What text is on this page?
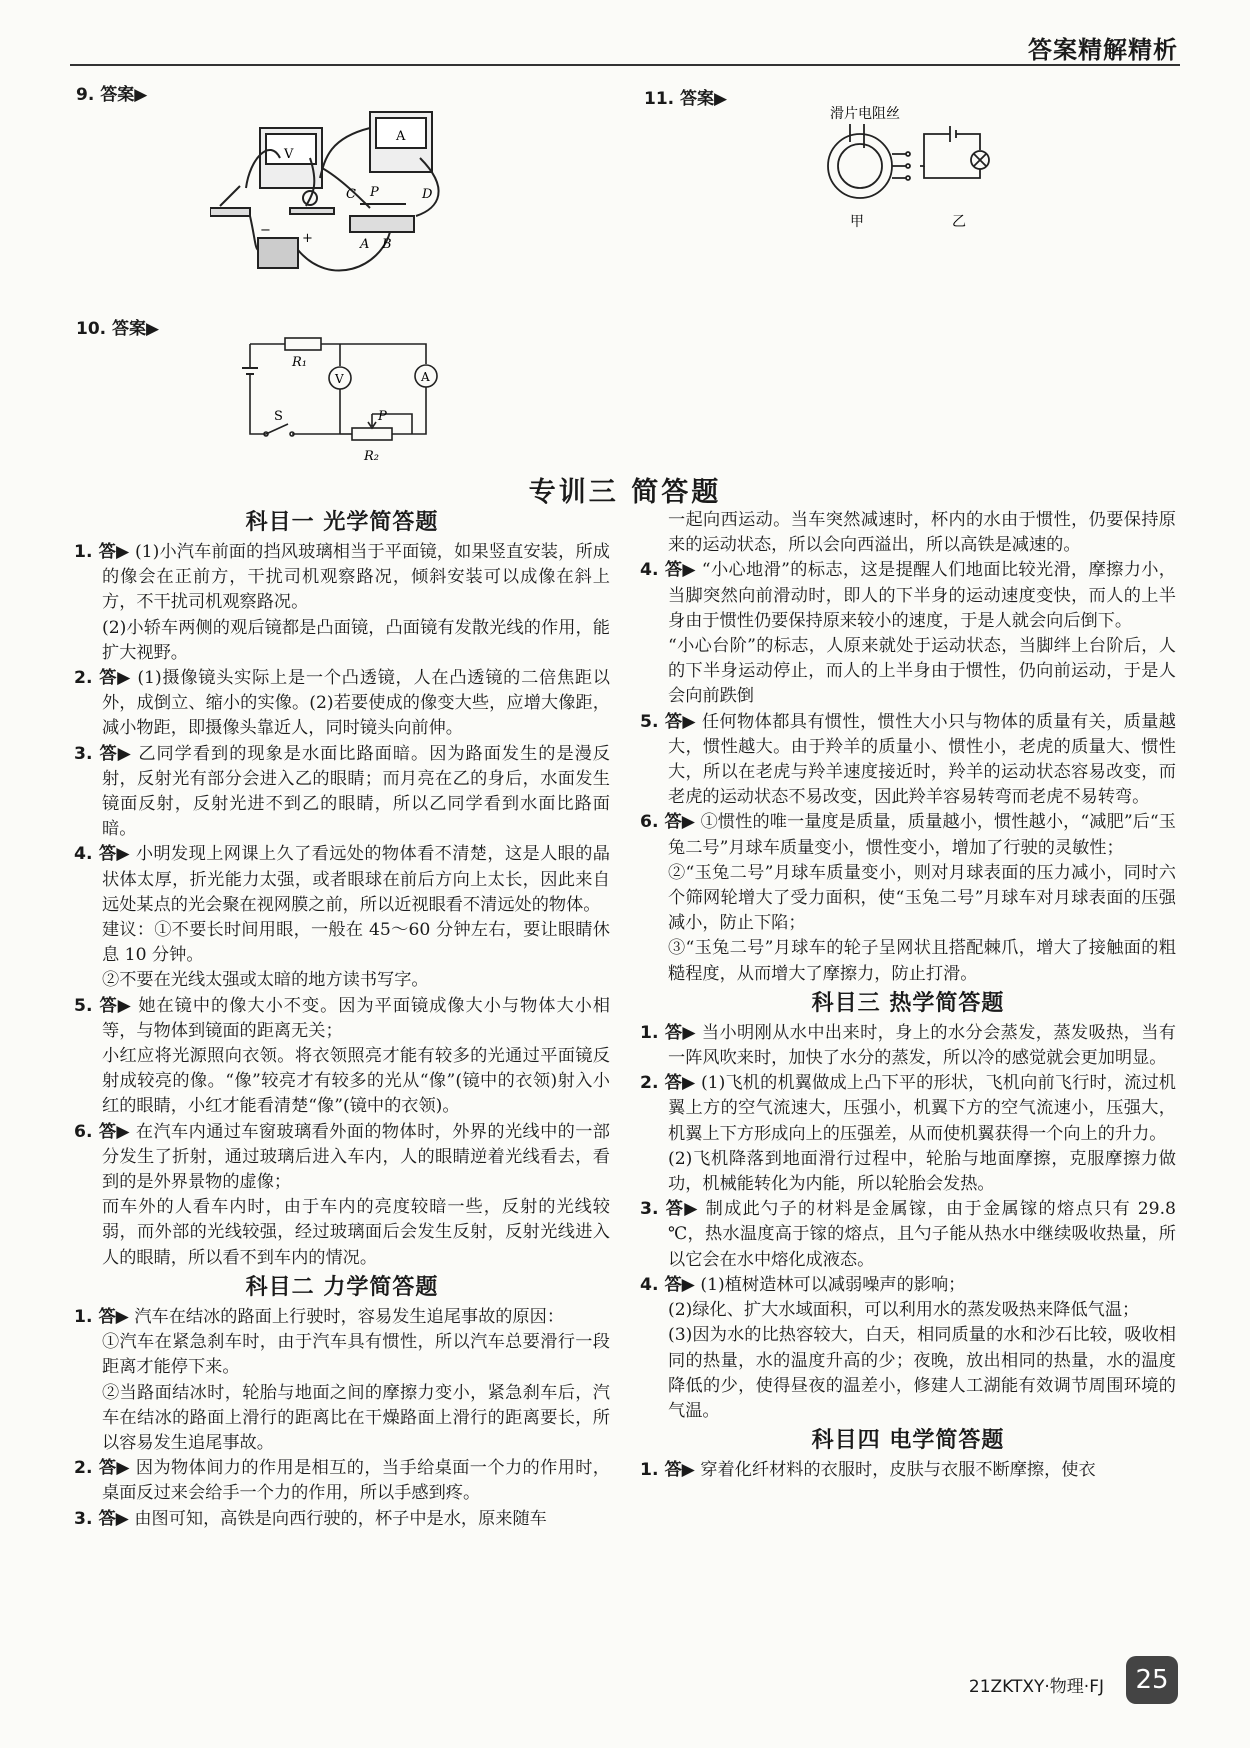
答案精解精析
9. 答案▶
10. 答案▶
11. 答案▶
V
A
C P	D
A B
−
+
R₁
V	A
S	P
R₂
滑片电阻丝
甲	乙
专训三 简答题
科目一 光学简答题

1. 答▶ (1)小汽车前面的挡风玻璃相当于平面镜，如果竖直安装，所成的像会在正前方，干扰司机观察路况，倾斜安装可以成像在斜上方，不干扰司机观察路况。

(2)小轿车两侧的观后镜都是凸面镜，凸面镜有发散光线的作用，能扩大视野。

2. 答▶ (1)摄像镜头实际上是一个凸透镜，人在凸透镜的二倍焦距以外，成倒立、缩小的实像。(2)若要使成的像变大些，应增大像距，减小物距，即摄像头靠近人，同时镜头向前伸。

3. 答▶ 乙同学看到的现象是水面比路面暗。因为路面发生的是漫反射，反射光有部分会进入乙的眼睛；而月亮在乙的身后，水面发生镜面反射，反射光进不到乙的眼睛，所以乙同学看到水面比路面暗。

4. 答▶ 小明发现上网课上久了看远处的物体看不清楚，这是人眼的晶状体太厚，折光能力太强，或者眼球在前后方向上太长，因此来自远处某点的光会聚在视网膜之前，所以近视眼看不清远处的物体。

建议：①不要长时间用眼，一般在 45～60 分钟左右，要让眼睛休息 10 分钟。

②不要在光线太强或太暗的地方读书写字。

5. 答▶ 她在镜中的像大小不变。因为平面镜成像大小与物体大小相等，与物体到镜面的距离无关；

小红应将光源照向衣领。将衣领照亮才能有较多的光通过平面镜反射成较亮的像。“像”较亮才有较多的光从“像”(镜中的衣领)射入小红的眼睛，小红才能看清楚“像”(镜中的衣领)。

6. 答▶ 在汽车内通过车窗玻璃看外面的物体时，外界的光线中的一部分发生了折射，通过玻璃后进入车内，人的眼睛逆着光线看去，看到的是外界景物的虚像；

而车外的人看车内时，由于车内的亮度较暗一些，反射的光线较弱，而外部的光线较强，经过玻璃面后会发生反射，反射光线进入人的眼睛，所以看不到车内的情况。

科目二 力学简答题

1. 答▶ 汽车在结冰的路面上行驶时，容易发生追尾事故的原因：

①汽车在紧急刹车时，由于汽车具有惯性，所以汽车总要滑行一段距离才能停下来。

②当路面结冰时，轮胎与地面之间的摩擦力变小，紧急刹车后，汽车在结冰的路面上滑行的距离比在干燥路面上滑行的距离要长，所以容易发生追尾事故。

2. 答▶ 因为物体间力的作用是相互的，当手给桌面一个力的作用时，桌面反过来会给手一个力的作用，所以手感到疼。

3. 答▶ 由图可知，高铁是向西行驶的，杯子中是水，原来随车

一起向西运动。当车突然减速时，杯内的水由于惯性，仍要保持原来的运动状态，所以会向西溢出，所以高铁是减速的。

4. 答▶ “小心地滑”的标志，这是提醒人们地面比较光滑，摩擦力小，当脚突然向前滑动时，即人的下半身的运动速度变快，而人的上半身由于惯性仍要保持原来较小的速度，于是人就会向后倒下。

“小心台阶”的标志，人原来就处于运动状态，当脚绊上台阶后，人的下半身运动停止，而人的上半身由于惯性，仍向前运动，于是人会向前跌倒

5. 答▶ 任何物体都具有惯性，惯性大小只与物体的质量有关，质量越大，惯性越大。由于羚羊的质量小、惯性小，老虎的质量大、惯性大，所以在老虎与羚羊速度接近时，羚羊的运动状态容易改变，而老虎的运动状态不易改变，因此羚羊容易转弯而老虎不易转弯。

6. 答▶ ①惯性的唯一量度是质量，质量越小，惯性越小，“减肥”后“玉兔二号”月球车质量变小，惯性变小，增加了行驶的灵敏性；

②“玉兔二号”月球车质量变小，则对月球表面的压力减小，同时六个筛网轮增大了受力面积，使“玉兔二号”月球车对月球表面的压强减小，防止下陷；

③“玉兔二号”月球车的轮子呈网状且搭配棘爪，增大了接触面的粗糙程度，从而增大了摩擦力，防止打滑。

科目三 热学简答题

1. 答▶ 当小明刚从水中出来时，身上的水分会蒸发，蒸发吸热，当有一阵风吹来时，加快了水分的蒸发，所以冷的感觉就会更加明显。

2. 答▶ (1)飞机的机翼做成上凸下平的形状，飞机向前飞行时，流过机翼上方的空气流速大，压强小，机翼下方的空气流速小，压强大，机翼上下方形成向上的压强差，从而使机翼获得一个向上的升力。

(2)飞机降落到地面滑行过程中，轮胎与地面摩擦，克服摩擦力做功，机械能转化为内能，所以轮胎会发热。

3. 答▶ 制成此勺子的材料是金属镓，由于金属镓的熔点只有 29.8 ℃，热水温度高于镓的熔点，且勺子能从热水中继续吸收热量，所以它会在水中熔化成液态。

4. 答▶ (1)植树造林可以减弱噪声的影响；

(2)绿化、扩大水域面积，可以利用水的蒸发吸热来降低气温；

(3)因为水的比热容较大，白天，相同质量的水和沙石比较，吸收相同的热量，水的温度升高的少；夜晚，放出相同的热量，水的温度降低的少，使得昼夜的温差小，修建人工湖能有效调节周围环境的气温。

科目四 电学简答题

1. 答▶ 穿着化纤材料的衣服时，皮肤与衣服不断摩擦，使衣

21ZKTXY·物理·FJ	25
